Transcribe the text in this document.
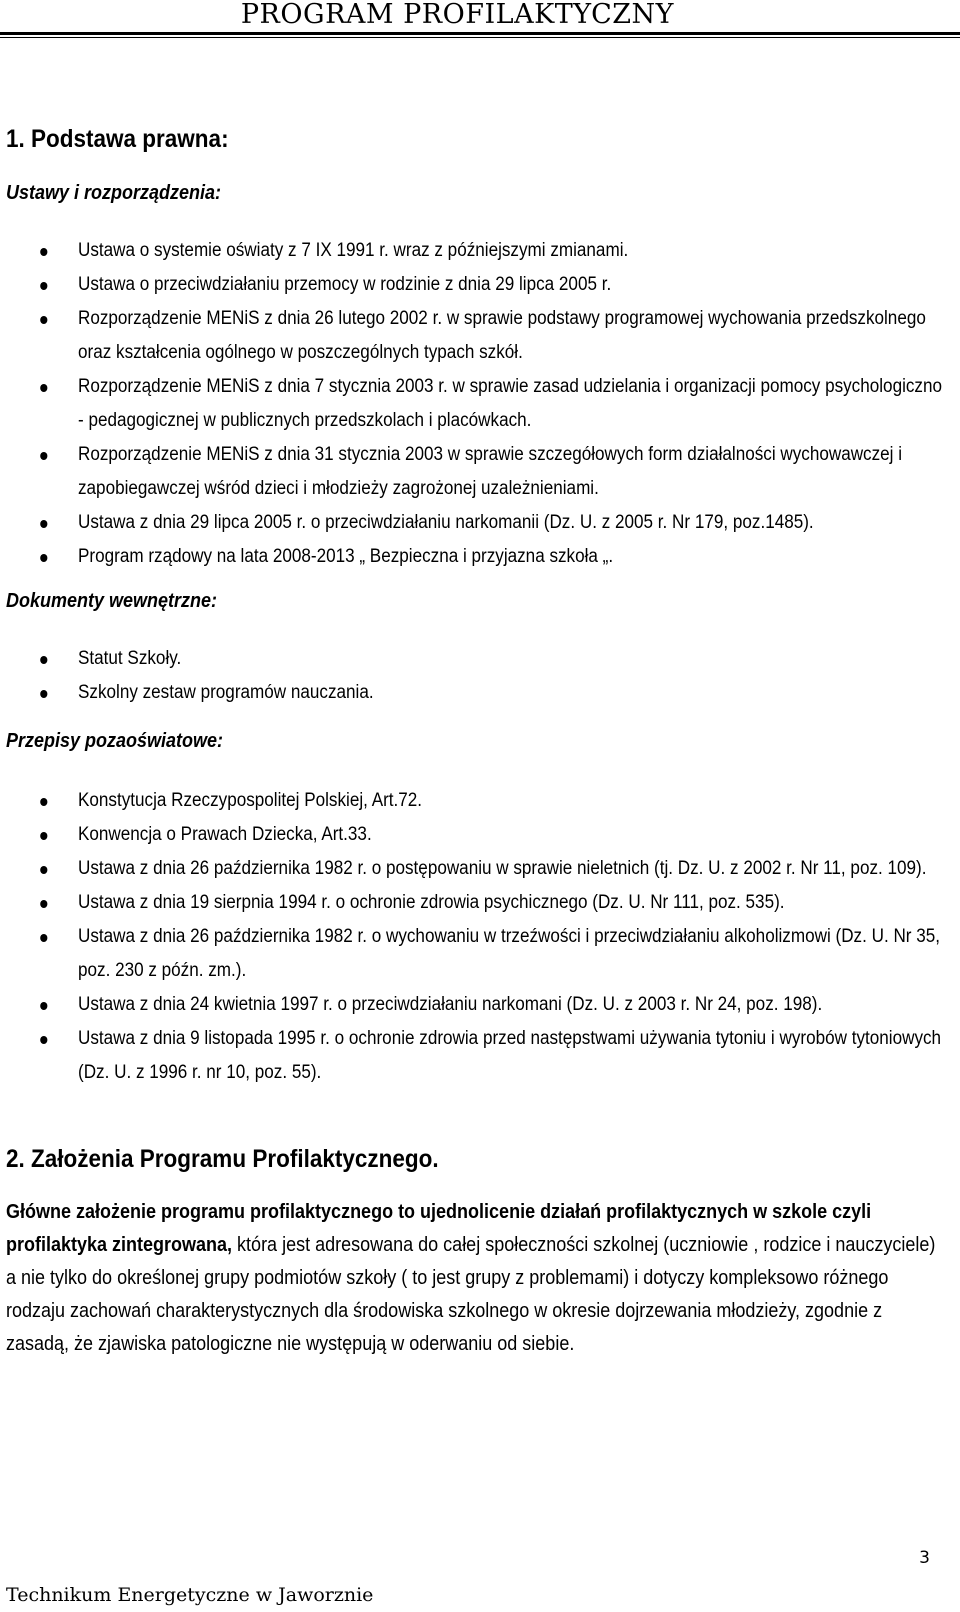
PROGRAM PROFILAKTYCZNY
1. Podstawa prawna:
Ustawy i rozporządzenia:
Ustawa o systemie oświaty z 7 IX 1991 r. wraz z późniejszymi zmianami.
Ustawa o przeciwdziałaniu przemocy w rodzinie z dnia 29 lipca 2005 r.
Rozporządzenie MENiS z dnia 26 lutego 2002 r. w sprawie podstawy programowej wychowania przedszkolnego oraz kształcenia ogólnego w poszczególnych typach szkół.
Rozporządzenie MENiS z dnia 7 stycznia 2003 r. w sprawie zasad udzielania i organizacji pomocy psychologiczno - pedagogicznej w publicznych przedszkolach i placówkach.
Rozporządzenie MENiS z dnia 31 stycznia 2003 w sprawie szczegółowych form działalności wychowawczej i zapobiegawczej wśród dzieci i młodzieży zagrożonej uzależnieniami.
Ustawa z dnia 29 lipca 2005 r. o przeciwdziałaniu narkomanii (Dz. U. z 2005 r. Nr 179, poz.1485).
Program rządowy na lata 2008-2013 „ Bezpieczna i przyjazna szkoła „.
Dokumenty wewnętrzne:
Statut Szkoły.
Szkolny zestaw programów nauczania.
Przepisy pozaoświatowe:
Konstytucja Rzeczypospolitej Polskiej, Art.72.
Konwencja o Prawach Dziecka, Art.33.
Ustawa z dnia 26 października 1982 r. o postępowaniu w sprawie nieletnich (tj. Dz. U. z 2002 r. Nr 11, poz. 109).
Ustawa z dnia 19 sierpnia 1994 r. o ochronie zdrowia psychicznego (Dz. U. Nr 111, poz. 535).
Ustawa z dnia 26 października 1982 r. o wychowaniu w trzeźwości i przeciwdziałaniu alkoholizmowi (Dz. U. Nr 35, poz. 230 z późn. zm.).
Ustawa z dnia 24 kwietnia 1997 r. o przeciwdziałaniu narkomani (Dz. U. z 2003 r. Nr 24, poz. 198).
Ustawa z dnia 9 listopada 1995 r. o ochronie zdrowia przed następstwami używania tytoniu i wyrobów tytoniowych (Dz. U. z 1996 r. nr 10, poz. 55).
2. Założenia Programu Profilaktycznego.

Główne założenie programu profilaktycznego to ujednolicenie działań profilaktycznych w szkole czyli profilaktyka zintegrowana, która jest adresowana do całej społeczności szkolnej (uczniowie , rodzice i nauczyciele) a nie tylko do określonej grupy podmiotów szkoły ( to jest grupy z problemami) i dotyczy kompleksowo różnego rodzaju zachowań charakterystycznych dla środowiska szkolnego w okresie dojrzewania młodzieży, zgodnie z zasadą, że zjawiska patologiczne nie występują w oderwaniu od siebie.

3
Technikum Energetyczne w Jaworznie
